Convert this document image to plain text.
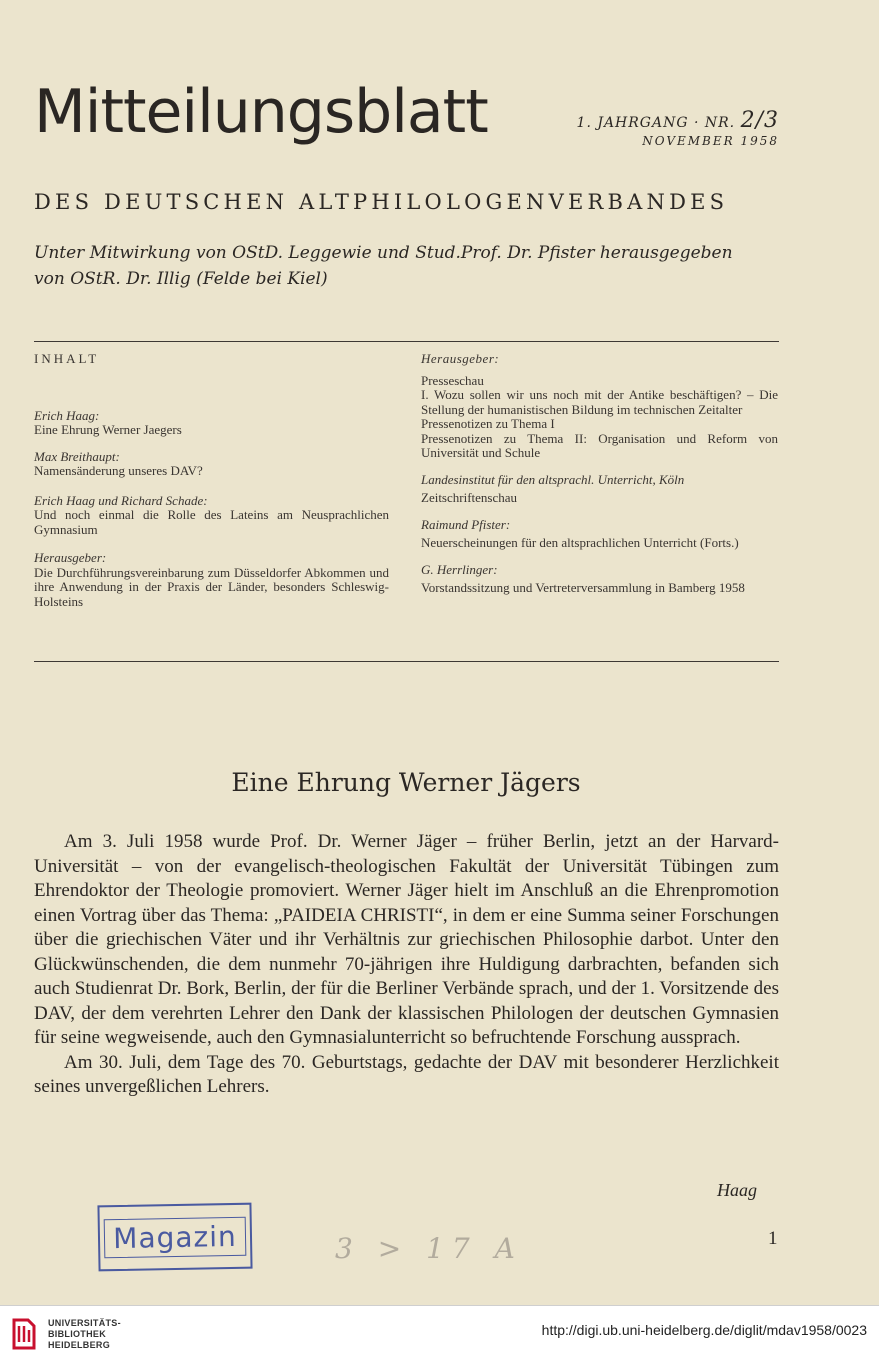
Mitteilungsblatt	1. JAHRGANG · NR. 2/3
NOVEMBER 1958
DES DEUTSCHEN ALTPHILOLOGENVERBANDES
Unter Mitwirkung von OStD. Leggewie und Stud.Prof. Dr. Pfister herausgegeben
von OStR. Dr. Illig (Felde bei Kiel)
INHALT
Erich Haag:
Eine Ehrung Werner Jaegers
Max Breithaupt:
Namensänderung unseres DAV?
Erich Haag und Richard Schade:
Und noch einmal die Rolle des Lateins am Neusprachlichen Gymnasium
Herausgeber:
Die Durchführungsvereinbarung zum Düsseldorfer Abkommen und ihre Anwendung in der Praxis der Länder, besonders Schleswig-Holsteins
Herausgeber:
Presseschau
I. Wozu sollen wir uns noch mit der Antike beschäftigen? – Die Stellung der humanistischen Bildung im technischen Zeitalter
Pressenotizen zu Thema I
Pressenotizen zu Thema II: Organisation und Reform von Universität und Schule
Landesinstitut für den altsprachl. Unterricht, Köln
Zeitschriftenschau
Raimund Pfister:
Neuerscheinungen für den altsprachlichen Unterricht (Forts.)
G. Herrlinger:
Vorstandssitzung und Vertreterversammlung in Bamberg 1958
Eine Ehrung Werner Jägers

Am 3. Juli 1958 wurde Prof. Dr. Werner Jäger – früher Berlin, jetzt an der Harvard-Universität – von der evangelisch-theologischen Fakultät der Universität Tübingen zum Ehrendoktor der Theologie promoviert. Werner Jäger hielt im Anschluß an die Ehrenpromotion einen Vortrag über das Thema: „PAIDEIA CHRISTI“, in dem er eine Summa seiner Forschungen über die griechischen Väter und ihr Verhältnis zur griechischen Philosophie darbot. Unter den Glückwünschenden, die dem nunmehr 70-jährigen ihre Huldigung darbrachten, befanden sich auch Studienrat Dr. Bork, Berlin, der für die Berliner Verbände sprach, und der 1. Vorsitzende des DAV, der dem verehrten Lehrer den Dank der klassischen Philologen der deutschen Gymnasien für seine wegweisende, auch den Gymnasialunterricht so befruchtende Forschung aussprach.

Am 30. Juli, dem Tage des 70. Geburtstags, gedachte der DAV mit besonderer Herzlichkeit seines unvergeßlichen Lehrers.

Haag
Magazin	3 > 17 A	1
UNIVERSITÄTS-
BIBLIOTHEK
HEIDELBERG
http://digi.ub.uni-heidelberg.de/diglit/mdav1958/0023
